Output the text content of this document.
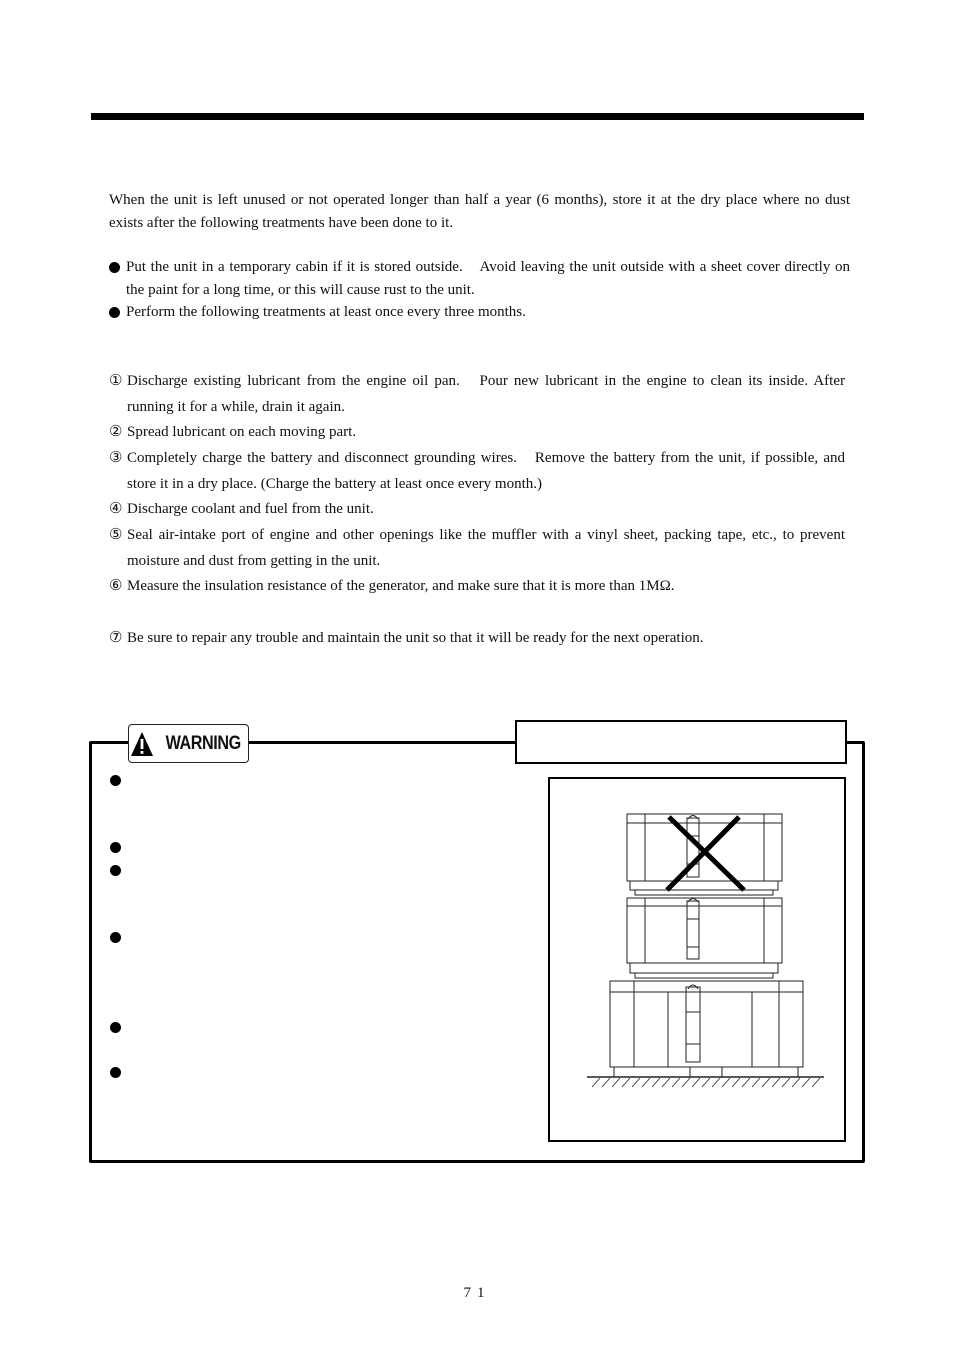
When the unit is left unused or not operated longer than half a year (6 months), store it at the dry place where no dust exists after the following treatments have been done to it.

Put the unit in a temporary cabin if it is stored outside.　Avoid leaving the unit outside with a sheet cover directly on the paint for a long time, or this will cause rust to the unit.
Perform the following treatments at least once every three months.
① Discharge existing lubricant from the engine oil pan.　Pour new lubricant in the engine to clean its inside. After running it for a while, drain it again.
② Spread lubricant on each moving part.
③ Completely charge the battery and disconnect grounding wires.　Remove the battery from the unit, if possible, and store it in a dry place. (Charge the battery at least once every month.)
④ Discharge coolant and fuel from the unit.
⑤ Seal air-intake port of engine and other openings like the muffler with a vinyl sheet, packing tape, etc., to prevent moisture and dust from getting in the unit.
⑥ Measure the insulation resistance of the generator, and make sure that it is more than 1MΩ.
⑦ Be sure to repair any trouble and maintain the unit so that it will be ready for the next operation.
WARNING
71
